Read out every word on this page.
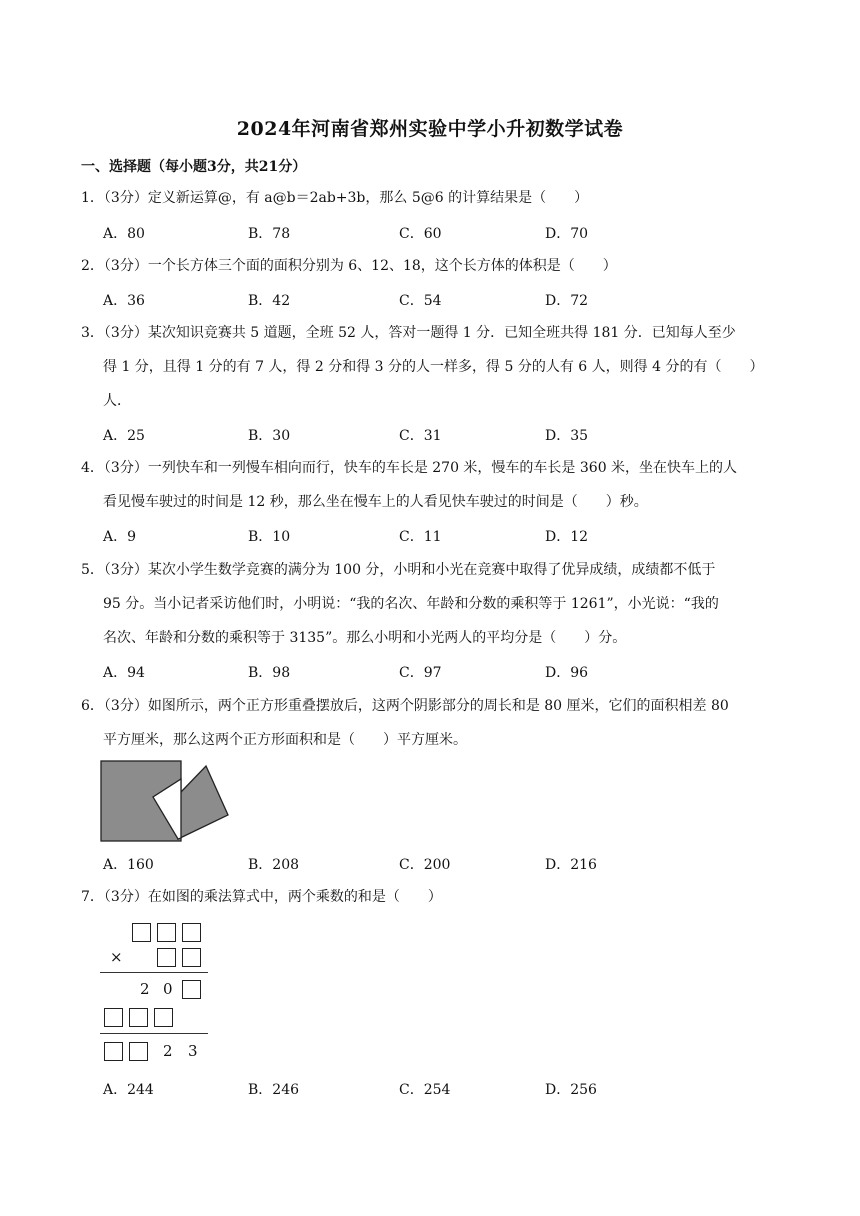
2024年河南省郑州实验中学小升初数学试卷
一、选择题（每小题3分，共21分）
1．（3分）定义新运算@，有 a@b＝2ab+3b，那么 5@6 的计算结果是（　　）
A．80	B．78	C．60	D．70
2．（3分）一个长方体三个面的面积分别为 6、12、18，这个长方体的体积是（　　）
A．36	B．42	C．54	D．72
3．（3分）某次知识竞赛共 5 道题，全班 52 人，答对一题得 1 分．已知全班共得 181 分．已知每人至少
得 1 分，且得 1 分的有 7 人，得 2 分和得 3 分的人一样多，得 5 分的人有 6 人，则得 4 分的有（　　）
人．
A．25	B．30	C．31	D．35
4．（3分）一列快车和一列慢车相向而行，快车的车长是 270 米，慢车的车长是 360 米，坐在快车上的人
看见慢车驶过的时间是 12 秒，那么坐在慢车上的人看见快车驶过的时间是（　　）秒。
A．9	B．10	C．11	D．12
5．（3分）某次小学生数学竞赛的满分为 100 分，小明和小光在竞赛中取得了优异成绩，成绩都不低于
95 分。当小记者采访他们时，小明说：“我的名次、年龄和分数的乘积等于 1261”，小光说：“我的
名次、年龄和分数的乘积等于 3135”。那么小明和小光两人的平均分是（　　）分。
A．94	B．98	C．97	D．96
6．（3分）如图所示，两个正方形重叠摆放后，这两个阴影部分的周长和是 80 厘米，它们的面积相差 80
平方厘米，那么这两个正方形面积和是（　　）平方厘米。
A．160	B．208	C．200	D．216
7．（3分）在如图的乘法算式中，两个乘数的和是（　　）
×
2 0
2 3
A．244	B．246	C．254	D．256
